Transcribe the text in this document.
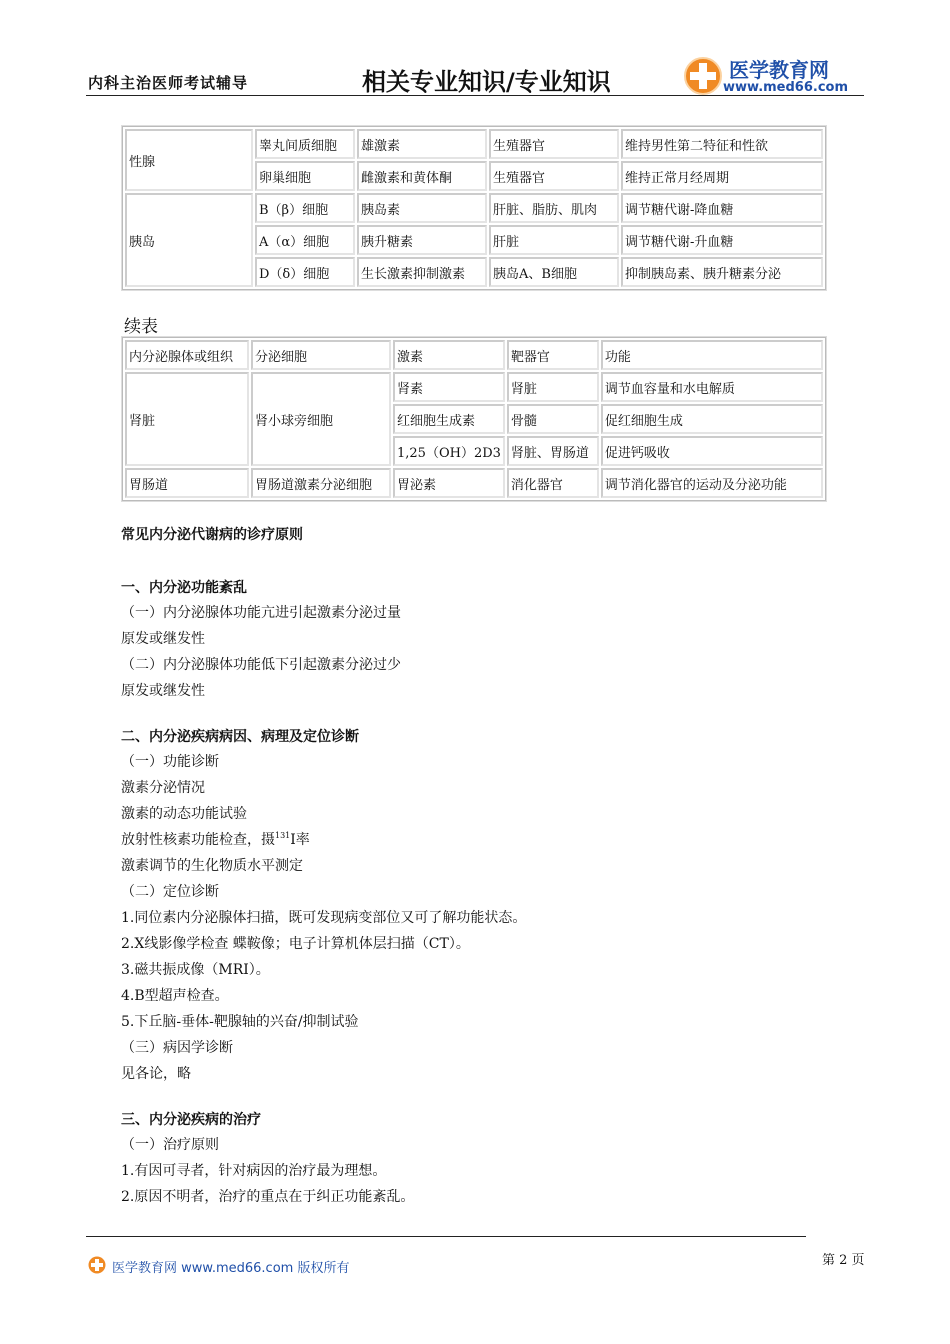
内科主治医师考试辅导	相关专业知识/专业知识	医学教育网
www.med66.com
性腺	睾丸间质细胞	雄激素	生殖器官	维持男性第二特征和性欲
	卵巢细胞	雌激素和黄体酮	生殖器官	维持正常月经周期
胰岛	B（β）细胞	胰岛素	肝脏、脂肪、肌肉	调节糖代谢-降血糖
	A（α）细胞	胰升糖素	肝脏	调节糖代谢-升血糖
	D（δ）细胞	生长激素抑制激素	胰岛A、B细胞	抑制胰岛素、胰升糖素分泌
续表
内分泌腺体或组织	分泌细胞	激素	靶器官	功能
肾脏	肾小球旁细胞	肾素	肾脏	调节血容量和水电解质
		红细胞生成素	骨髓	促红细胞生成
		1,25（OH）2D3	肾脏、胃肠道	促进钙吸收
胃肠道	胃肠道激素分泌细胞	胃泌素	消化器官	调节消化器官的运动及分泌功能
常见内分泌代谢病的诊疗原则
一、内分泌功能紊乱
（一）内分泌腺体功能亢进引起激素分泌过量
原发或继发性
（二）内分泌腺体功能低下引起激素分泌过少
原发或继发性
二、内分泌疾病病因、病理及定位诊断
（一）功能诊断
激素分泌情况
激素的动态功能试验
放射性核素功能检查，摄$^{131}$I率
激素调节的生化物质水平测定
（二）定位诊断
1.同位素内分泌腺体扫描，既可发现病变部位又可了解功能状态。
2.X线影像学检查 蝶鞍像；电子计算机体层扫描（CT）。
3.磁共振成像（MRI）。
4.B型超声检查。
5.下丘脑-垂体-靶腺轴的兴奋/抑制试验
（三）病因学诊断
见各论，略
三、内分泌疾病的治疗
（一）治疗原则
1.有因可寻者，针对病因的治疗最为理想。
2.原因不明者，治疗的重点在于纠正功能紊乱。
医学教育网 www.med66.com 版权所有
第 2 页
